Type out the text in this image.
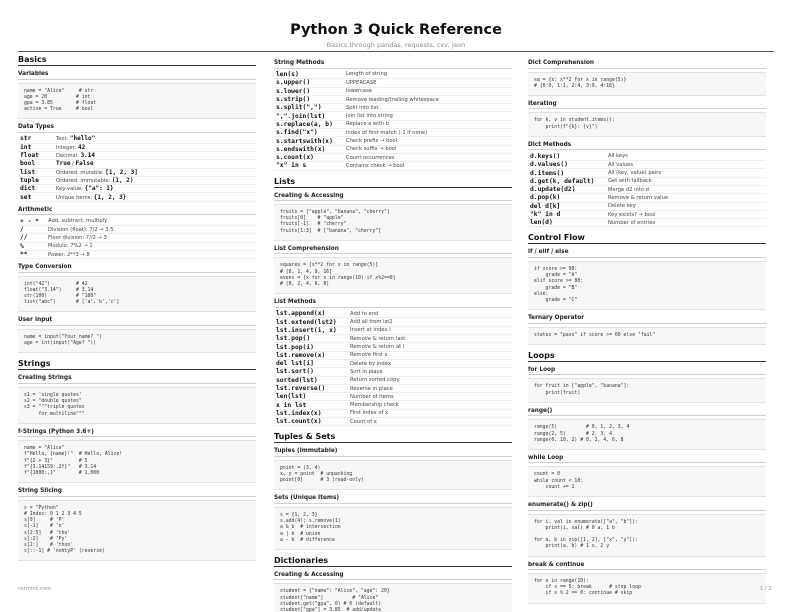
Python 3 Quick Reference
Basics through pandas, requests, csv, json
Basics
Variables
name = "Alice"     # str
age = 20          # int
gpa = 3.85        # float
active = True     # bool
Data Types
str	Text: "hello"
int	Integer: 42
float	Decimal: 3.14
bool	True / False
list	Ordered, mutable: [1, 2, 3]
tuple	Ordered, immutable: (1, 2)
dict	Key-value: {"a": 1}
set	Unique items: {1, 2, 3}
Arithmetic
+ - *	Add, subtract, multiply
/	Division (float): 7/2 → 3.5
//	Floor division: 7//2 → 3
%	Modulo: 7%2 → 1
**	Power: 2**3 → 8
Type Conversion
int("42")         # 42
float("3.14")     # 3.14
str(100)          # "100"
list("abc")       # ['a','b','c']
User Input
name = input("Your name? ")
age = int(input("Age? "))
Strings
Creating Strings
s1 = 'single quotes'
s2 = "double quotes"
s3 = """triple quotes
for multiline"""
f-Strings (Python 3.6+)
name = "Alice"
f"Hello, {name}!"  # Hello, Alice!
f"{2 + 3}"         # 5
f"{3.14159:.2f}"   # 3.14
f"{1000:,}"        # 1,000
String Slicing
s = "Python"
# Index: 0 1 2 3 4 5
s[0]     # 'P'
s[-1]    # 'n'
s[2:5]   # 'tho'
s[:2]    # 'Py'
s[2:]    # 'thon'
s[::-1] # 'nohtyP' (reverse)
String Methods
len(s)	Length of string
s.upper()	UPPERCASE
s.lower()	lowercase
s.strip()	Remove leading/trailing whitespace
s.split(",")	Split into list
",".join(lst)	Join list into string
s.replace(a, b)	Replace a with b
s.find("x")	Index of first match (-1 if none)
s.startswith(x)	Check prefix → bool
s.endswith(x)	Check suffix → bool
s.count(x)	Count occurrences
"x" in s	Contains check → bool
Lists
Creating & Accessing
fruits = ["apple", "banana", "cherry"]
fruits[0]    # "apple"
fruits[-1]   # "cherry"
fruits[1:3]  # ["banana", "cherry"]
List Comprehension
squares = [x**2 for x in range(5)]
# [0, 1, 4, 9, 16]
evens = [x for x in range(10) if x%2==0]
# [0, 2, 4, 6, 8]
List Methods
lst.append(x)	Add to end
lst.extend(lst2)	Add all from lst2
lst.insert(i, x)	Insert at index i
lst.pop()	Remove & return last
lst.pop(i)	Remove & return at i
lst.remove(x)	Remove first x
del lst[i]	Delete by index
lst.sort()	Sort in place
sorted(lst)	Return sorted copy
lst.reverse()	Reverse in place
len(lst)	Number of items
x in lst	Membership check
lst.index(x)	First index of x
lst.count(x)	Count of x
Tuples & Sets
Tuples (Immutable)
point = (3, 4)
x, y = point  # unpacking
point[0]      # 3 (read-only)
Sets (Unique Items)
s = {1, 2, 3}
s.add(4); s.remove(1)
a & b  # intersection
a | b  # union
a - b  # difference
Dictionaries
Creating & Accessing
student = {"name": "Alice", "age": 20}
student["name"]          # "Alice"
student.get("gpa", 0) # 0 (default)
student["gpa"] = 3.85  # add/update
Dict Comprehension
sq = {x: x**2 for x in range(5)}
# {0:0, 1:1, 2:4, 3:9, 4:16}
Iterating
for k, v in student.items():
print(f"{k}: {v}")
Dict Methods
d.keys()	All keys
d.values()	All values
d.items()	All (key, value) pairs
d.get(k, default)	Get with fallback
d.update(d2)	Merge d2 into d
d.pop(k)	Remove & return value
del d[k]	Delete key
"k" in d	Key exists? → bool
len(d)	Number of entries
Control Flow
if / elif / else
if score >= 90:
grade = "A"
elif score >= 80:
grade = "B"
else:
grade = "C"
Ternary Operator
status = "pass" if score >= 60 else "fail"
Loops
for Loop
for fruit in ["apple", "banana"]:
print(fruit)
range()
range(5)          # 0, 1, 2, 3, 4
range(2, 5)       # 2, 3, 4
range(0, 10, 2) # 0, 2, 4, 6, 8
while Loop
count = 0
while count < 10:
count += 1
enumerate() & zip()
for i, val in enumerate(["a", "b"]):
print(i, val) # 0 a, 1 b

for a, b in zip([1, 2], ["x", "y"]):
print(a, b) # 1 x, 2 y
break & continue
for x in range(10):
if x == 5: break      # stop loop
if x % 2 == 0: continue # skip
refmint.com	1 / 2
